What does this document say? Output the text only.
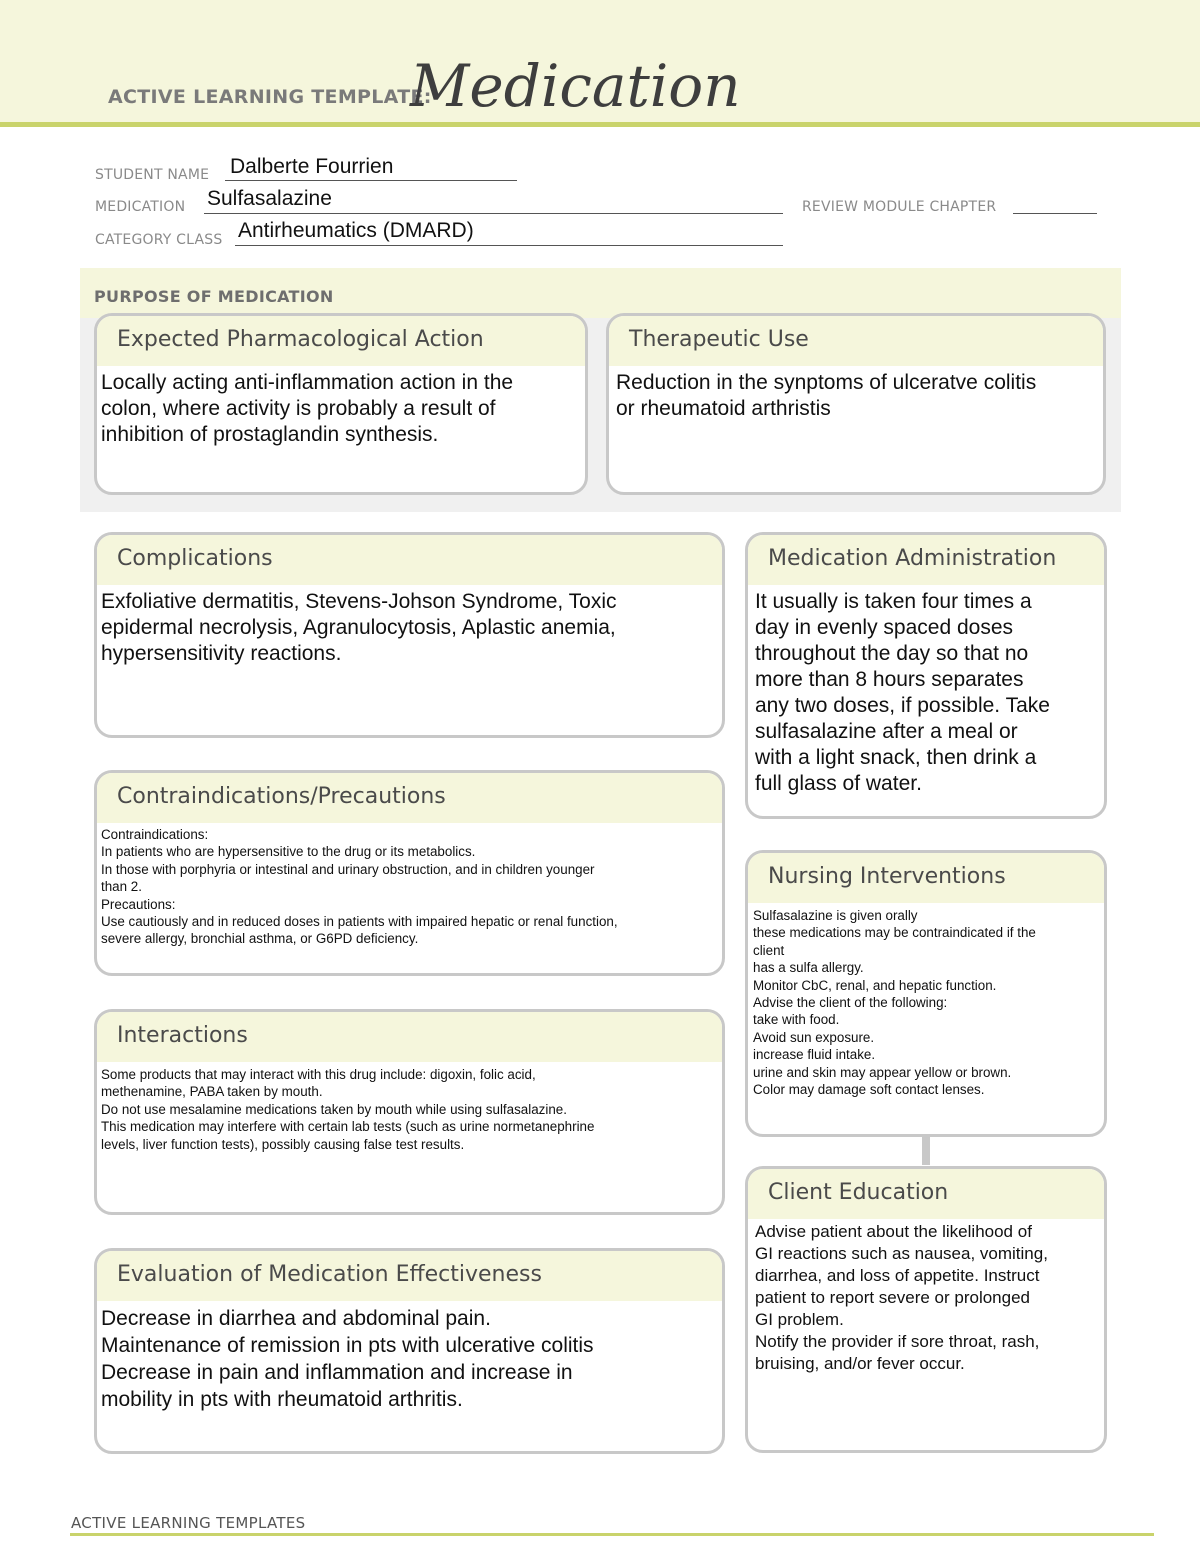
ACTIVE LEARNING TEMPLATE:
Medication
STUDENT NAME Dalberte Fourrien
MEDICATION Sulfasalazine	REVIEW MODULE CHAPTER
CATEGORY CLASS Antirheumatics (DMARD)
PURPOSE OF MEDICATION
Expected Pharmacological Action
Locally acting anti-inflammation action in the
colon, where activity is probably a result of
inhibition of prostaglandin synthesis.
Therapeutic Use
Reduction in the synptoms of ulceratve colitis
or rheumatoid arthristis
Complications
Exfoliative dermatitis, Stevens-Johson Syndrome, Toxic
epidermal necrolysis, Agranulocytosis, Aplastic anemia,
hypersensitivity reactions.
Contraindications/Precautions
Contraindications:
In patients who are hypersensitive to the drug or its metabolics.
In those with porphyria or intestinal and urinary obstruction, and in children younger
than 2.
Precautions:
Use cautiously and in reduced doses in patients with impaired hepatic or renal function,
severe allergy, bronchial asthma, or G6PD deficiency.
Interactions
Some products that may interact with this drug include: digoxin, folic acid,
methenamine, PABA taken by mouth.
Do not use mesalamine medications taken by mouth while using sulfasalazine.
This medication may interfere with certain lab tests (such as urine normetanephrine
levels, liver function tests), possibly causing false test results.
Evaluation of Medication Effectiveness
Decrease in diarrhea and abdominal pain.
Maintenance of remission in pts with ulcerative colitis
Decrease in pain and inflammation and increase in
mobility in pts with rheumatoid arthritis.
Medication Administration
It usually is taken four times a
day in evenly spaced doses
throughout the day so that no
more than 8 hours separates
any two doses, if possible. Take
sulfasalazine after a meal or
with a light snack, then drink a
full glass of water.
Nursing Interventions
Sulfasalazine is given orally
these medications may be contraindicated if the
client
has a sulfa allergy.
Monitor CbC, renal, and hepatic function.
Advise the client of the following:
take with food.
Avoid sun exposure.
increase fluid intake.
urine and skin may appear yellow or brown.
Color may damage soft contact lenses.
Client Education
Advise patient about the likelihood of
GI reactions such as nausea, vomiting,
diarrhea, and loss of appetite. Instruct
patient to report severe or prolonged
GI problem.
Notify the provider if sore throat, rash,
bruising, and/or fever occur.
ACTIVE LEARNING TEMPLATES
